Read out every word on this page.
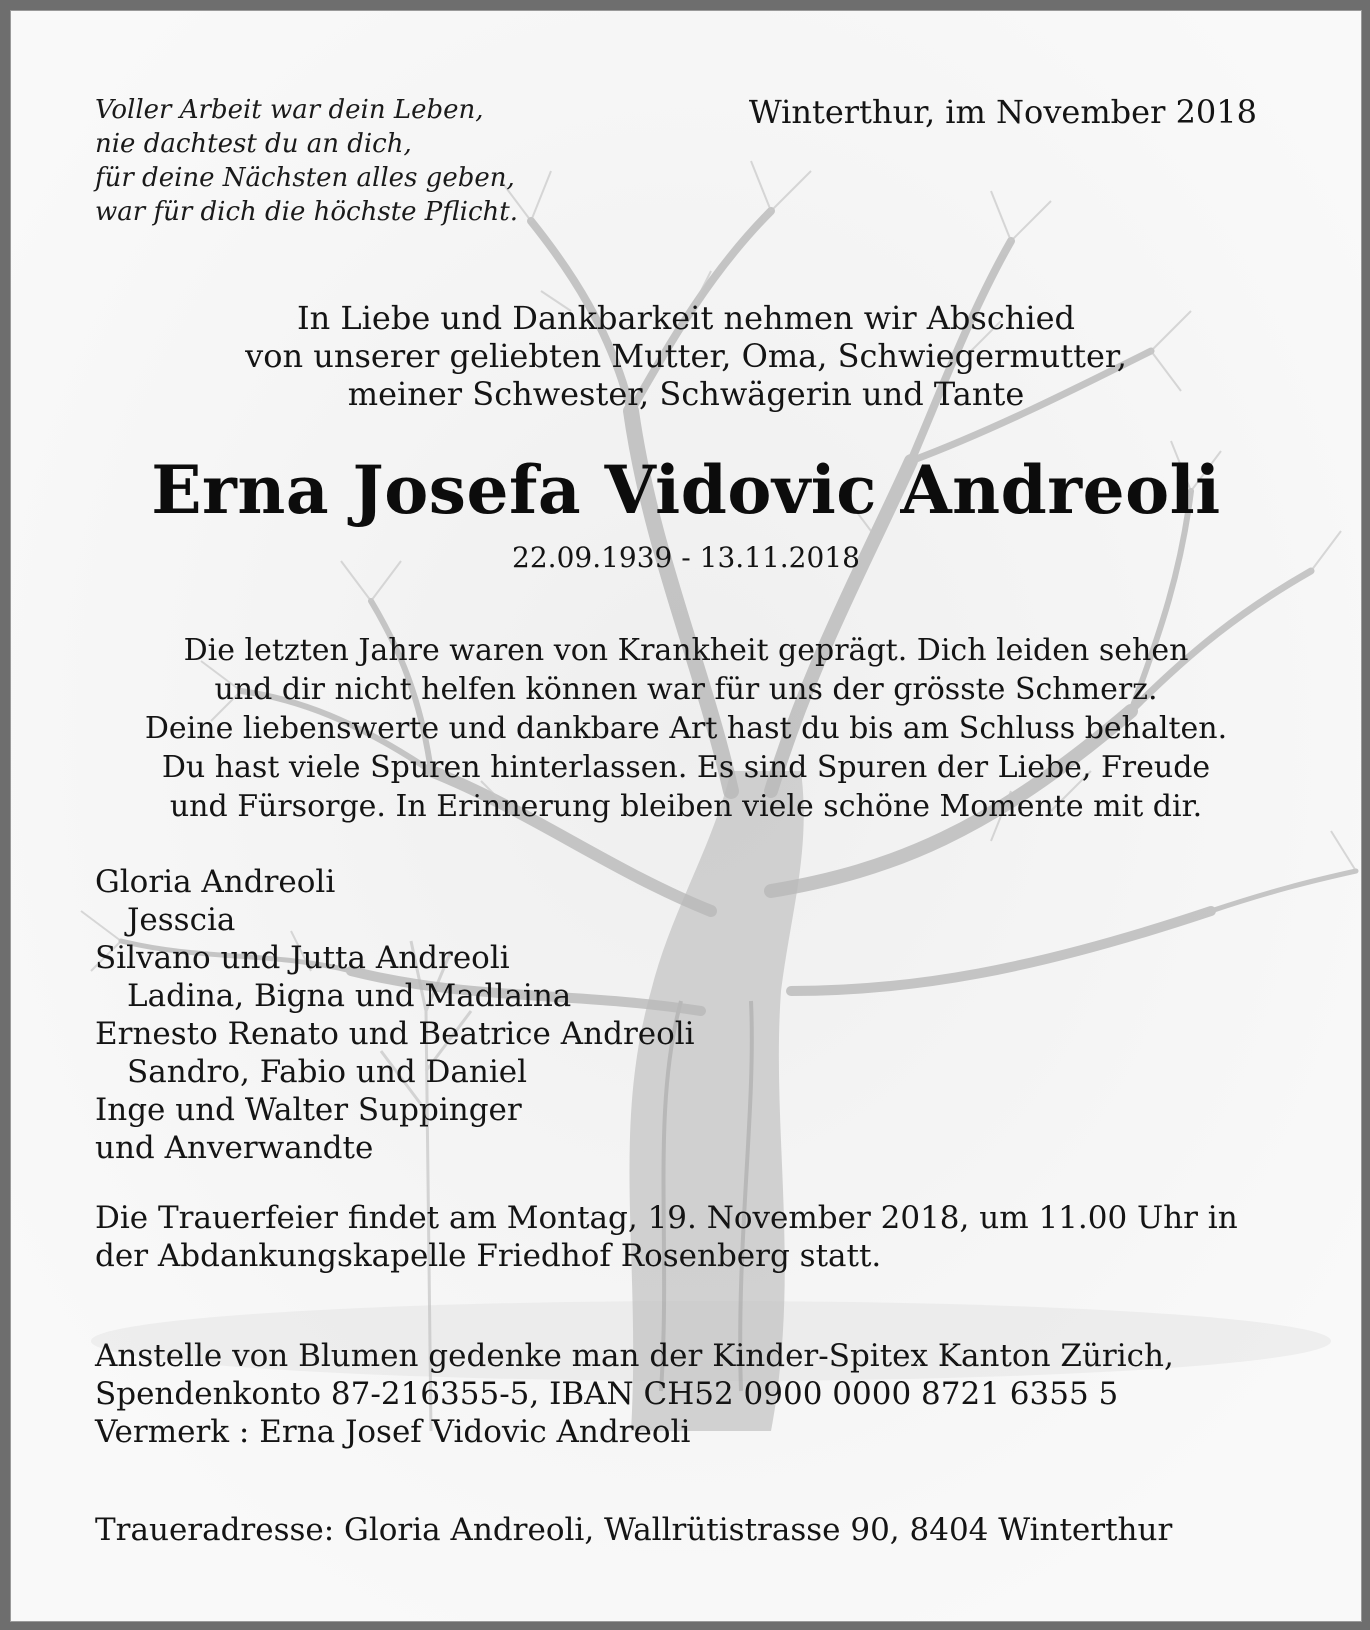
Voller Arbeit war dein Leben,
nie dachtest du an dich,
für deine Nächsten alles geben,
war für dich die höchste Pflicht.
Winterthur, im November 2018
In Liebe und Dankbarkeit nehmen wir Abschied
von unserer geliebten Mutter, Oma, Schwiegermutter,
meiner Schwester, Schwägerin und Tante
Erna Josefa Vidovic Andreoli
22.09.1939 - 13.11.2018
Die letzten Jahre waren von Krankheit geprägt. Dich leiden sehen
und dir nicht helfen können war für uns der grösste Schmerz.
Deine liebenswerte und dankbare Art hast du bis am Schluss behalten.
Du hast viele Spuren hinterlassen. Es sind Spuren der Liebe, Freude
und Fürsorge. In Erinnerung bleiben viele schöne Momente mit dir.
Gloria Andreoli
Jesscia
Silvano und Jutta Andreoli
Ladina, Bigna und Madlaina
Ernesto Renato und Beatrice Andreoli
Sandro, Fabio und Daniel
Inge und Walter Suppinger
und Anverwandte
Die Trauerfeier findet am Montag, 19. November 2018, um 11.00 Uhr in
der Abdankungskapelle Friedhof Rosenberg statt.
Anstelle von Blumen gedenke man der Kinder-Spitex Kanton Zürich,
Spendenkonto 87-216355-5, IBAN CH52 0900 0000 8721 6355 5
Vermerk : Erna Josef Vidovic Andreoli
Traueradresse: Gloria Andreoli, Wallrütistrasse 90, 8404 Winterthur
